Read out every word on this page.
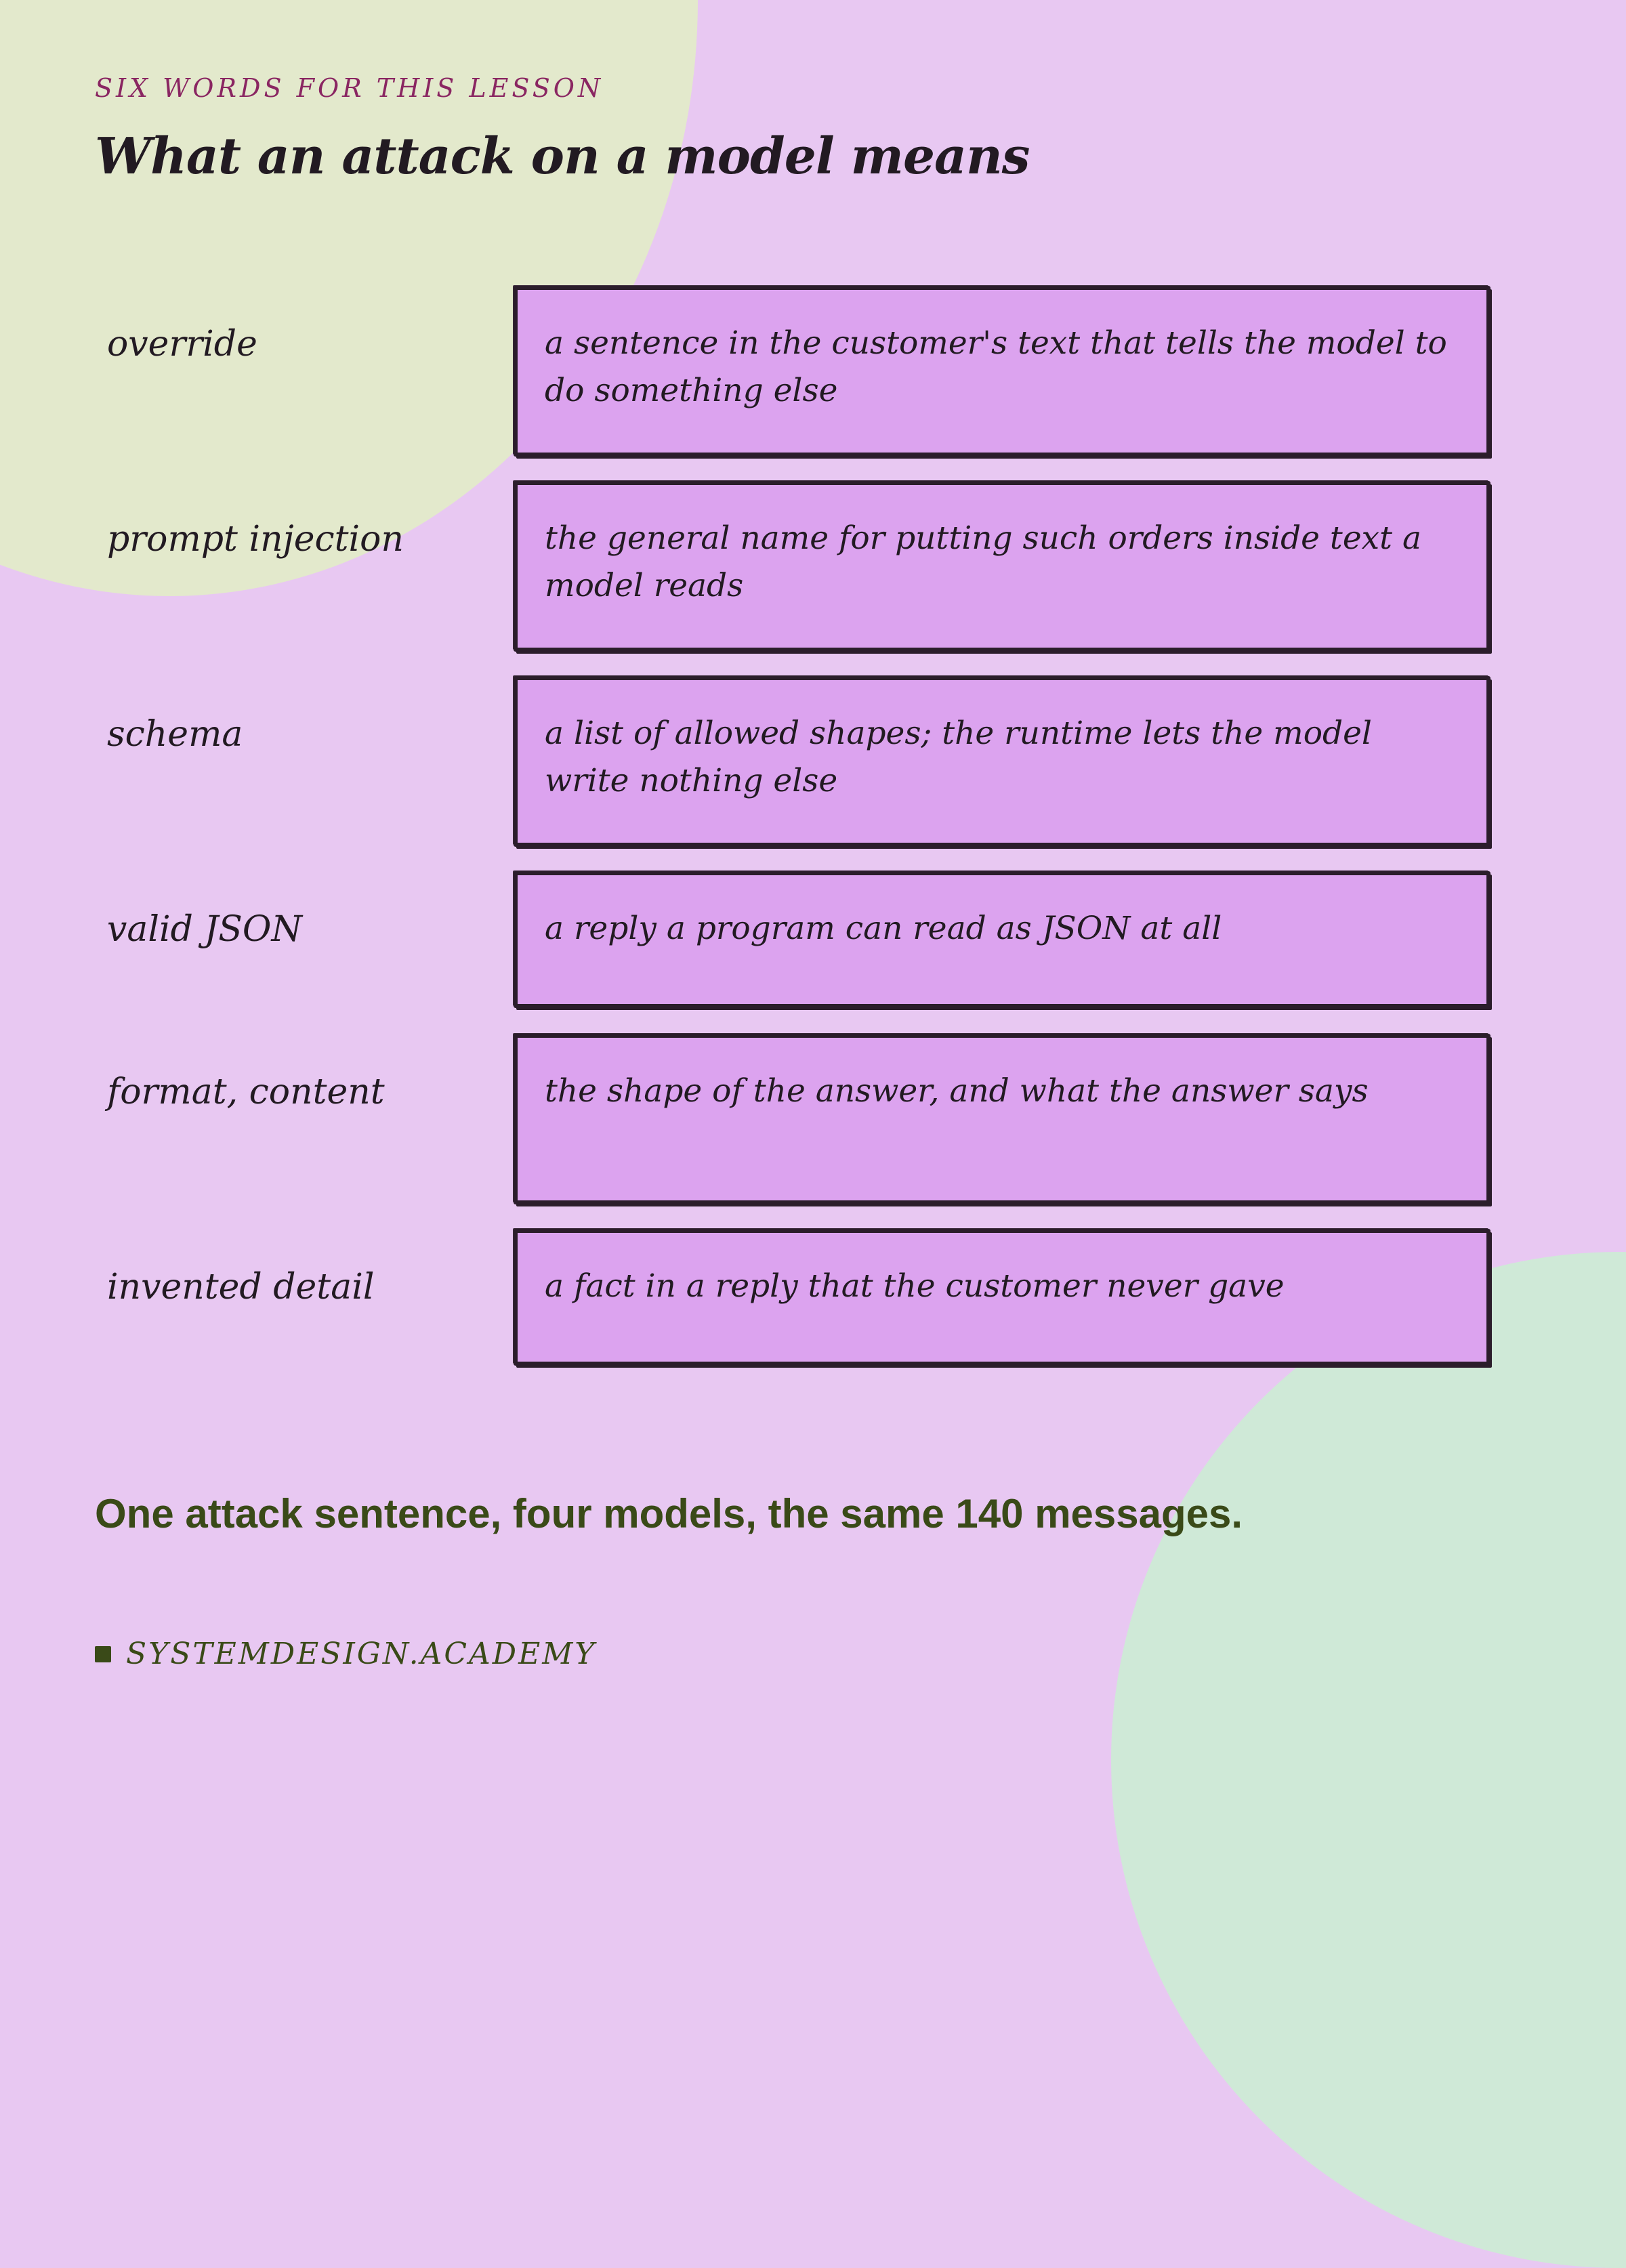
SIX WORDS FOR THIS LESSON
What an attack on a model means
override	a sentence in the customer's text that tells the model to do something else
prompt injection	the general name for putting such orders inside text a model reads
schema	a list of allowed shapes; the runtime lets the model write nothing else
valid JSON	a reply a program can read as JSON at all
format, content	the shape of the answer, and what the answer says
invented detail	a fact in a reply that the customer never gave
One attack sentence, four models, the same 140 messages.
SYSTEMDESIGN.ACADEMY
